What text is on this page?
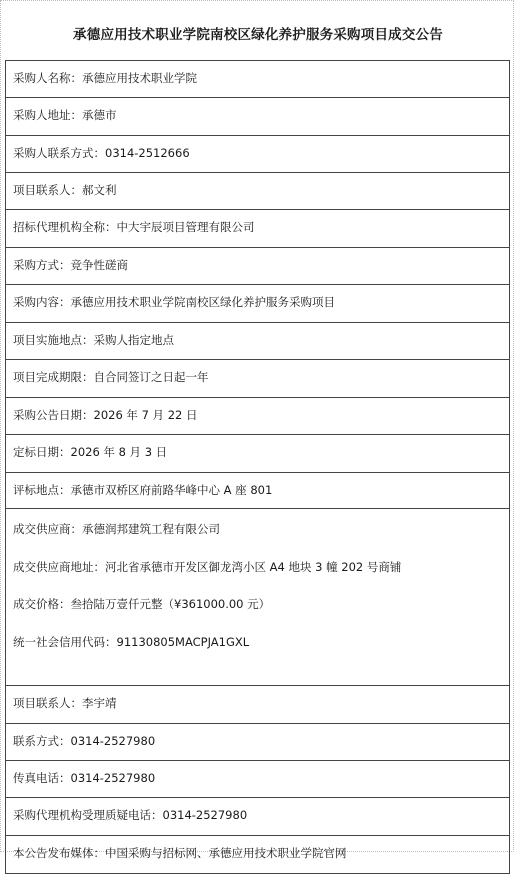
承德应用技术职业学院南校区绿化养护服务采购项目成交公告
采购人名称：承德应用技术职业学院
采购人地址：承德市
采购人联系方式：0314-2512666
项目联系人：郝文利
招标代理机构全称：中大宇辰项目管理有限公司
采购方式：竞争性磋商
采购内容：承德应用技术职业学院南校区绿化养护服务采购项目
项目实施地点：采购人指定地点
项目完成期限：自合同签订之日起一年
采购公告日期：2026 年 7 月 22 日
定标日期：2026 年 8 月 3 日
评标地点：承德市双桥区府前路华峰中心 A 座 801
成交供应商：承德润邦建筑工程有限公司
成交供应商地址：河北省承德市开发区御龙湾小区 A4 地块 3 幢 202 号商铺
成交价格：叁拾陆万壹仟元整（¥361000.00 元）
统一社会信用代码：91130805MACPJA1GXL
项目联系人：李宇靖
联系方式：0314-2527980
传真电话：0314-2527980
采购代理机构受理质疑电话：0314-2527980
本公告发布媒体：中国采购与招标网、承德应用技术职业学院官网
